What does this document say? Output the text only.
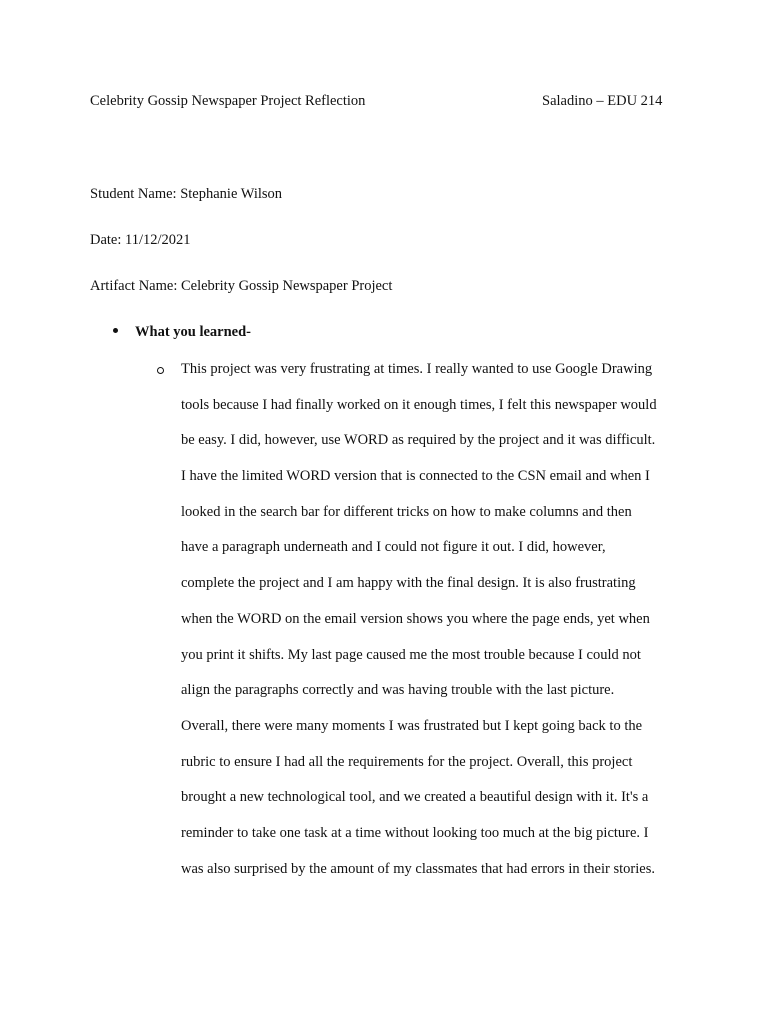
Celebrity Gossip Newspaper Project Reflection	Saladino – EDU 214
Student Name: Stephanie Wilson
Date: 11/12/2021
Artifact Name: Celebrity Gossip Newspaper Project
What you learned-
This project was very frustrating at times. I really wanted to use Google Drawing
tools because I had finally worked on it enough times, I felt this newspaper would
be easy. I did, however, use WORD as required by the project and it was difficult.
I have the limited WORD version that is connected to the CSN email and when I
looked in the search bar for different tricks on how to make columns and then
have a paragraph underneath and I could not figure it out. I did, however,
complete the project and I am happy with the final design. It is also frustrating
when the WORD on the email version shows you where the page ends, yet when
you print it shifts. My last page caused me the most trouble because I could not
align the paragraphs correctly and was having trouble with the last picture.
Overall, there were many moments I was frustrated but I kept going back to the
rubric to ensure I had all the requirements for the project. Overall, this project
brought a new technological tool, and we created a beautiful design with it. It's a
reminder to take one task at a time without looking too much at the big picture. I
was also surprised by the amount of my classmates that had errors in their stories.
